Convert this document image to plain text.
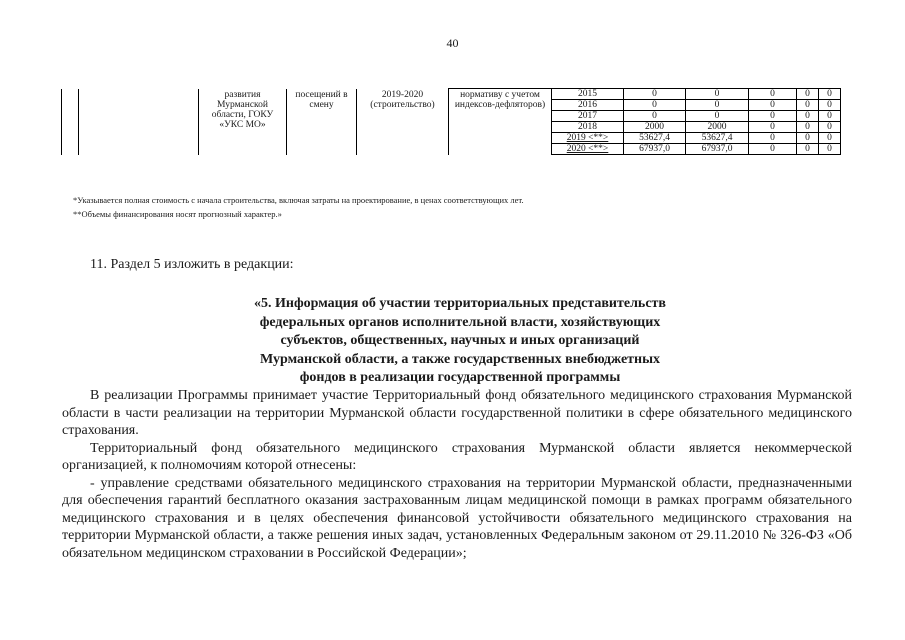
40
		развития Мурманской области, ГОКУ «УКС МО»	посещений в смену	2019-2020 (строительство)	нормативу с учетом индексов-дефляторов)	2015	0	0	0	0	0
						2016	0	0	0	0	0
						2017	0	0	0	0	0
						2018	2000	2000	0	0	0
						2019 <**>	53627,4	53627,4	0	0	0
						2020 <**>	67937,0	67937,0	0	0	0
*Указывается полная стоимость с начала строительства, включая затраты на проектирование, в ценах соответствующих лет.
**Объемы финансирования носят прогнозный характер.»
11. Раздел 5 изложить в редакции:
«5. Информация об участии территориальных представительств
федеральных органов исполнительной власти, хозяйствующих
субъектов, общественных, научных и иных организаций
Мурманской области, а также государственных внебюджетных
фондов в реализации государственной программы

В реализации Программы принимает участие Территориальный фонд обязательного медицинского страхования Мурманской области в части реализации на территории Мурманской области государственной политики в сфере обязательного медицинского страхования.

Территориальный фонд обязательного медицинского страхования Мурманской области является некоммерческой организацией, к полномочиям которой отнесены:

- управление средствами обязательного медицинского страхования на территории Мурманской области, предназначенными для обеспечения гарантий бесплатного оказания застрахованным лицам медицинской помощи в рамках программ обязательного медицинского страхования и в целях обеспечения финансовой устойчивости обязательного медицинского страхования на территории Мурманской области, а также решения иных задач, установленных Федеральным законом от 29.11.2010 № 326-ФЗ «Об обязательном медицинском страховании в Российской Федерации»;
